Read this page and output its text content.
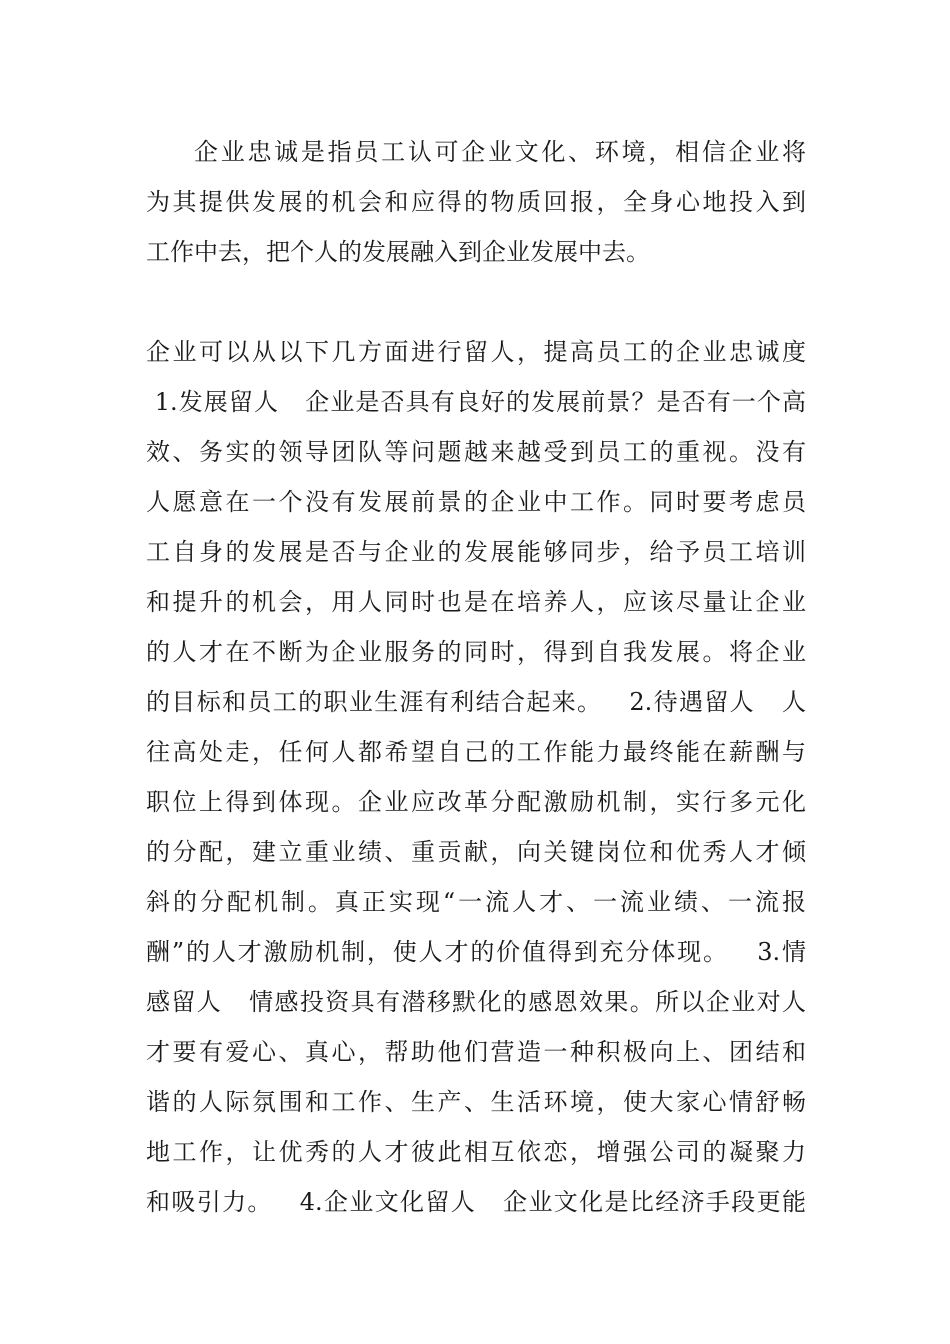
企业忠诚是指员工认可企业文化、环境，相信企业将
为其提供发展的机会和应得的物质回报，全身心地投入到
工作中去，把个人的发展融入到企业发展中去。
企业可以从以下几方面进行留人，提高员工的企业忠诚度
1.发展留人   企业是否具有良好的发展前景？是否有一个高
效、务实的领导团队等问题越来越受到员工的重视。没有
人愿意在一个没有发展前景的企业中工作。同时要考虑员
工自身的发展是否与企业的发展能够同步，给予员工培训
和提升的机会，用人同时也是在培养人，应该尽量让企业
的人才在不断为企业服务的同时，得到自我发展。将企业
的目标和员工的职业生涯有利结合起来。   2.待遇留人   人
往高处走，任何人都希望自己的工作能力最终能在薪酬与
职位上得到体现。企业应改革分配激励机制，实行多元化
的分配，建立重业绩、重贡献，向关键岗位和优秀人才倾
斜的分配机制。真正实现“一流人才、一流业绩、一流报
酬”的人才激励机制，使人才的价值得到充分体现。   3.情
感留人   情感投资具有潜移默化的感恩效果。所以企业对人
才要有爱心、真心，帮助他们营造一种积极向上、团结和
谐的人际氛围和工作、生产、生活环境，使大家心情舒畅
地工作，让优秀的人才彼此相互依恋，增强公司的凝聚力
和吸引力。   4.企业文化留人   企业文化是比经济手段更能
